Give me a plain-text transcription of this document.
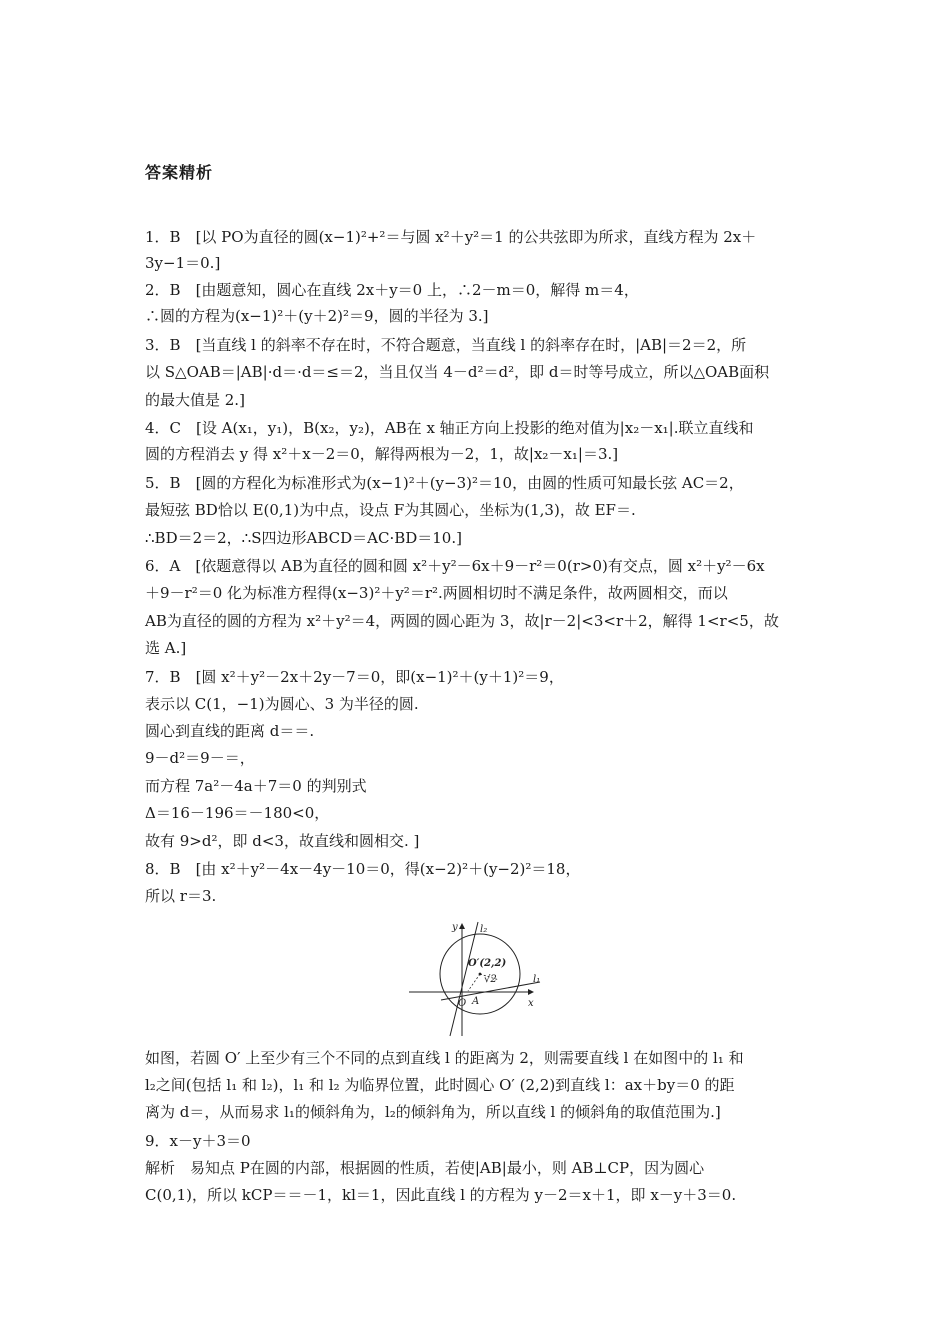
答案精析
1．B　[以 PO为直径的圆(x−1)²+²＝与圆 x²＋y²＝1 的公共弦即为所求，直线方程为 2x＋
3y−1＝0.]
2．B　[由题意知，圆心在直线 2x＋y＝0 上，∴2－m＝0，解得 m＝4，
∴圆的方程为(x−1)²＋(y＋2)²＝9，圆的半径为 3.]
3．B　[当直线 l 的斜率不存在时，不符合题意，当直线 l 的斜率存在时，|AB|＝2＝2，所
以 S△OAB＝|AB|·d＝·d＝≤＝2，当且仅当 4－d²＝d²，即 d＝时等号成立，所以△OAB面积
的最大值是 2.]
4．C　[设 A(x₁，y₁)，B(x₂，y₂)，AB在 x 轴正方向上投影的绝对值为|x₂－x₁|.联立直线和
圆的方程消去 y 得 x²＋x－2＝0，解得两根为－2，1，故|x₂－x₁|＝3.]
5．B　[圆的方程化为标准形式为(x−1)²＋(y−3)²＝10，由圆的性质可知最长弦 AC＝2，
最短弦 BD恰以 E(0,1)为中点，设点 F为其圆心，坐标为(1,3)，故 EF＝.
∴BD＝2＝2，∴S四边形ABCD＝AC·BD＝10.]
6．A　[依题意得以 AB为直径的圆和圆 x²＋y²－6x＋9－r²＝0(r>0)有交点，圆 x²＋y²－6x
＋9－r²＝0 化为标准方程得(x−3)²＋y²＝r².两圆相切时不满足条件，故两圆相交，而以
AB为直径的圆的方程为 x²＋y²＝4，两圆的圆心距为 3，故|r－2|<3<r＋2，解得 1<r<5，故
选 A.]
7．B　[圆 x²＋y²－2x＋2y－7＝0，即(x−1)²＋(y＋1)²＝9，
表示以 C(1，−1)为圆心、3 为半径的圆.
圆心到直线的距离 d＝＝.
9－d²＝9－＝，
而方程 7a²－4a＋7＝0 的判别式
Δ＝16－196＝－180<0，
故有 9>d²，即 d<3，故直线和圆相交. ]
8．B　[由 x²＋y²－4x－4y－10＝0，得(x−2)²＋(y−2)²＝18，
所以 r＝3.
y
x
l₂
l₁
O′(2,2)
√2
O A
如图，若圆 O′ 上至少有三个不同的点到直线 l 的距离为 2，则需要直线 l 在如图中的 l₁ 和
l₂之间(包括 l₁ 和 l₂)，l₁ 和 l₂ 为临界位置，此时圆心 O′ (2,2)到直线 l：ax＋by＝0 的距
离为 d＝，从而易求 l₁的倾斜角为，l₂的倾斜角为，所以直线 l 的倾斜角的取值范围为.]
9．x－y＋3＝0
解析　易知点 P在圆的内部，根据圆的性质，若使|AB|最小，则 AB⊥CP，因为圆心
C(0,1)，所以 kCP＝＝－1，kl＝1，因此直线 l 的方程为 y－2＝x＋1，即 x－y＋3＝0.
